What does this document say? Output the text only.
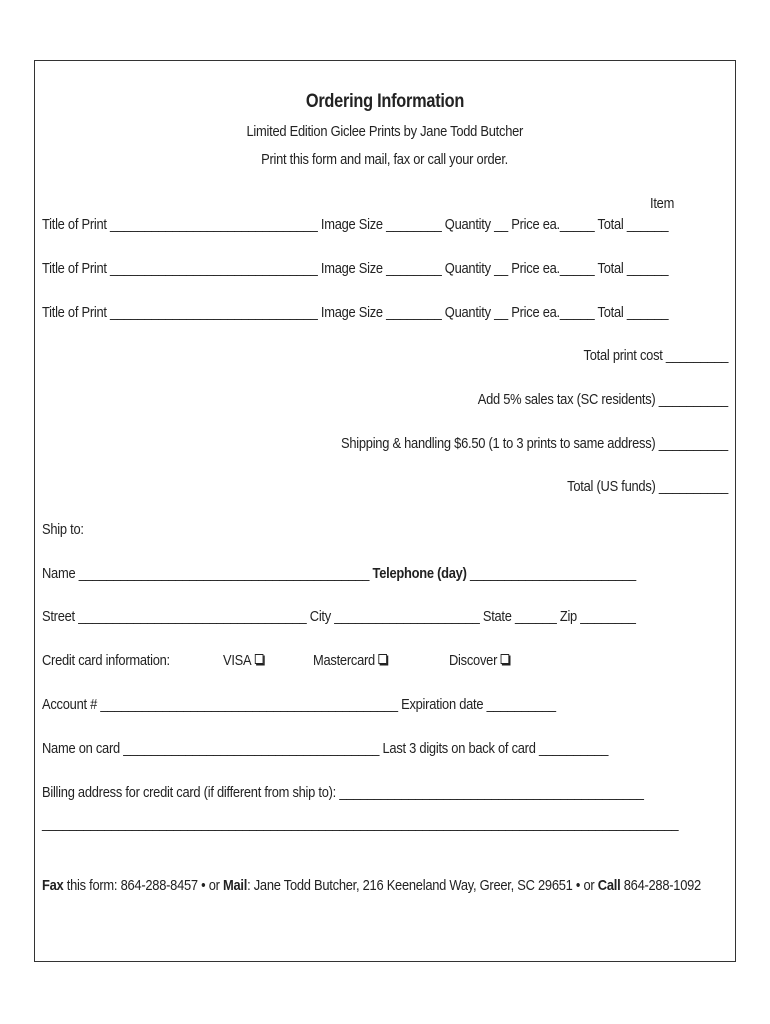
Ordering Information
Limited Edition Giclee Prints by Jane Todd Butcher
Print this form and mail, fax or call your order.
Item
Title of Print ______________________________ Image Size ________ Quantity __ Price ea._____ Total ______
Title of Print ______________________________ Image Size ________ Quantity __ Price ea._____ Total ______
Title of Print ______________________________ Image Size ________ Quantity __ Price ea._____ Total ______
Total print cost _________
Add 5% sales tax (SC residents) __________
Shipping & handling $6.50 (1 to 3 prints to same address) __________
Total (US funds) __________
Ship to:
Name __________________________________________ Telephone (day) ________________________
Street _________________________________ City _____________________ State ______ Zip ________
Credit card information:	VISA	Mastercard	Discover
Account # ___________________________________________ Expiration date __________
Name on card _____________________________________ Last 3 digits on back of card __________
Billing address for credit card (if different from ship to): ____________________________________________
____________________________________________________________________________________________
Fax this form: 864-288-8457 • or Mail: Jane Todd Butcher, 216 Keeneland Way, Greer, SC 29651 • or Call 864-288-1092
